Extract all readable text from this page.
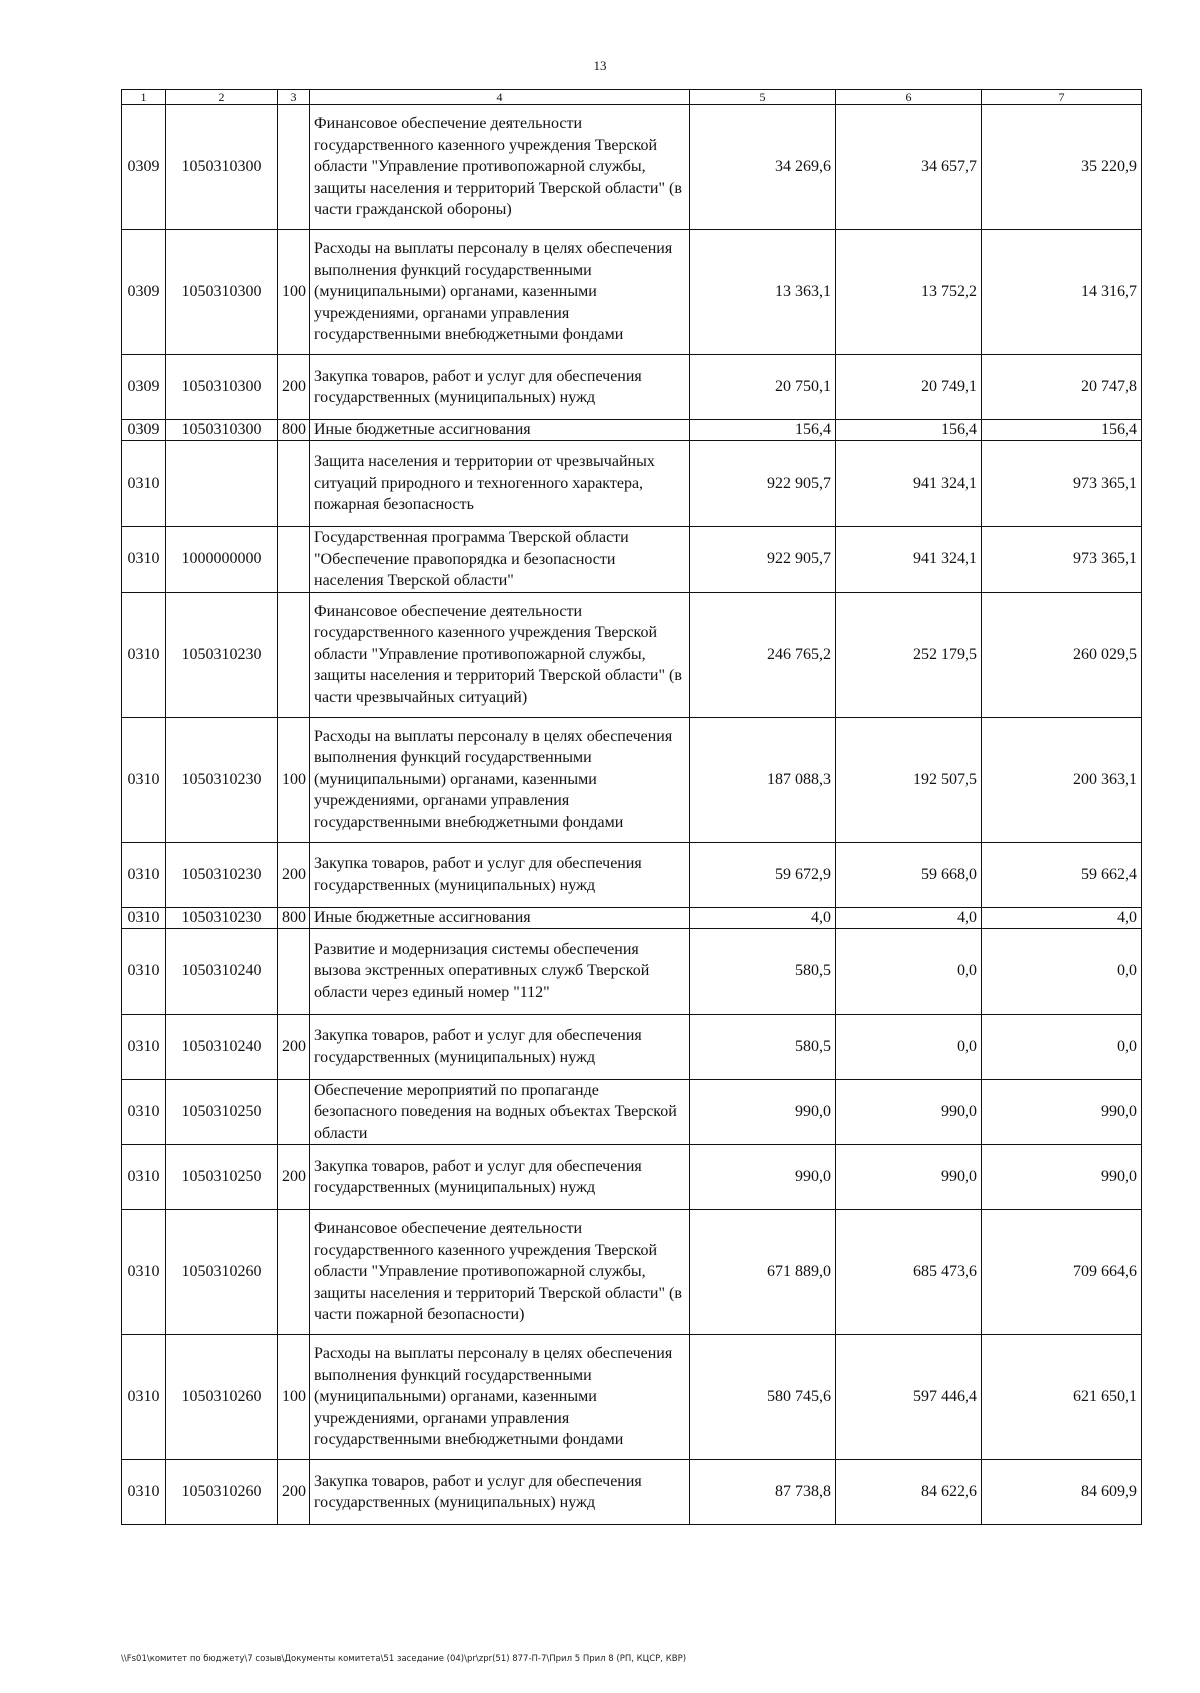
13
1	2	3	4	5	6	7
0309	1050310300		Финансовое обеспечение деятельности государственного казенного учреждения Тверской области "Управление противопожарной службы, защиты населения и территорий Тверской области" (в части гражданской обороны)	34 269,6	34 657,7	35 220,9
0309	1050310300	100	Расходы на выплаты персоналу в целях обеспечения выполнения функций государственными (муниципальными) органами, казенными учреждениями, органами управления государственными внебюджетными фондами	13 363,1	13 752,2	14 316,7
0309	1050310300	200	Закупка товаров, работ и услуг для обеспечения государственных (муниципальных) нужд	20 750,1	20 749,1	20 747,8
0309	1050310300	800	Иные бюджетные ассигнования	156,4	156,4	156,4
0310			Защита населения и территории от чрезвычайных ситуаций природного и техногенного характера, пожарная безопасность	922 905,7	941 324,1	973 365,1
0310	1000000000		Государственная программа Тверской области "Обеспечение правопорядка и безопасности населения Тверской области"	922 905,7	941 324,1	973 365,1
0310	1050310230		Финансовое обеспечение деятельности государственного казенного учреждения Тверской области "Управление противопожарной службы, защиты населения и территорий Тверской области" (в части чрезвычайных ситуаций)	246 765,2	252 179,5	260 029,5
0310	1050310230	100	Расходы на выплаты персоналу в целях обеспечения выполнения функций государственными (муниципальными) органами, казенными учреждениями, органами управления государственными внебюджетными фондами	187 088,3	192 507,5	200 363,1
0310	1050310230	200	Закупка товаров, работ и услуг для обеспечения государственных (муниципальных) нужд	59 672,9	59 668,0	59 662,4
0310	1050310230	800	Иные бюджетные ассигнования	4,0	4,0	4,0
0310	1050310240		Развитие и модернизация системы обеспечения вызова экстренных оперативных служб Тверской области через единый номер "112"	580,5	0,0	0,0
0310	1050310240	200	Закупка товаров, работ и услуг для обеспечения государственных (муниципальных) нужд	580,5	0,0	0,0
0310	1050310250		Обеспечение мероприятий по пропаганде безопасного поведения на водных объектах Тверской области	990,0	990,0	990,0
0310	1050310250	200	Закупка товаров, работ и услуг для обеспечения государственных (муниципальных) нужд	990,0	990,0	990,0
0310	1050310260		Финансовое обеспечение деятельности государственного казенного учреждения Тверской области "Управление противопожарной службы, защиты населения и территорий Тверской области" (в части пожарной безопасности)	671 889,0	685 473,6	709 664,6
0310	1050310260	100	Расходы на выплаты персоналу в целях обеспечения выполнения функций государственными (муниципальными) органами, казенными учреждениями, органами управления государственными внебюджетными фондами	580 745,6	597 446,4	621 650,1
0310	1050310260	200	Закупка товаров, работ и услуг для обеспечения государственных (муниципальных) нужд	87 738,8	84 622,6	84 609,9
\\Fs01\комитет по бюджету\7 созыв\Документы комитета\51 заседание (04)\pr\zpr(51) 877-П-7\Прил 5 Прил 8 (РП, КЦСР, КВР)
